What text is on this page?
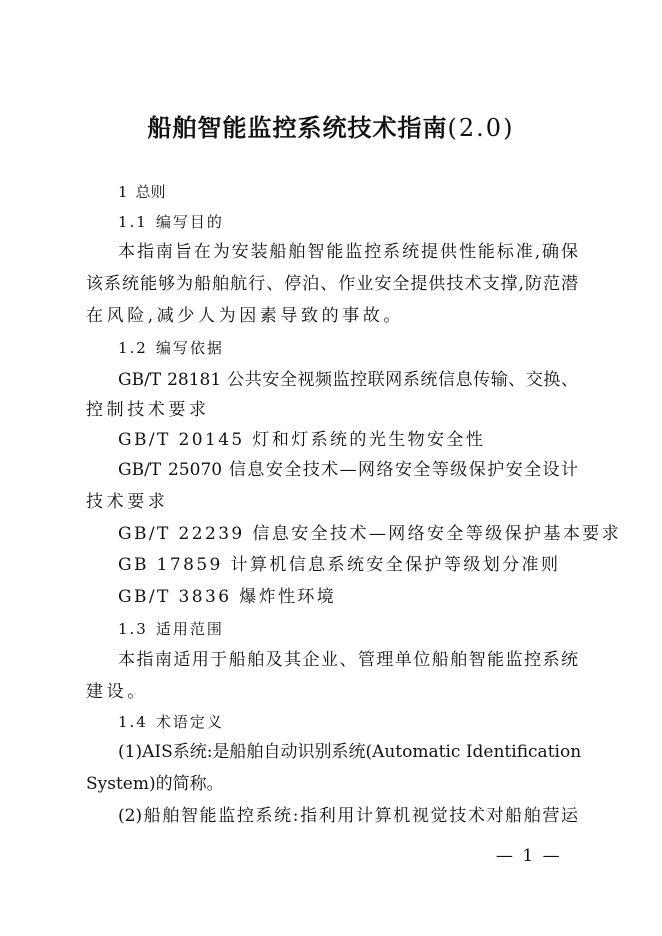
船舶智能监控系统技术指南(2.0)
1 总则
1.1 编写目的
本指南旨在为安装船舶智能监控系统提供性能标准,确保
该系统能够为船舶航行、停泊、作业安全提供技术支撑,防范潜
在风险,减少人为因素导致的事故。
1.2 编写依据
GB/T 28181 公共安全视频监控联网系统信息传输、交换、
控制技术要求
GB/T 20145 灯和灯系统的光生物安全性
GB/T 25070 信息安全技术—网络安全等级保护安全设计
技术要求
GB/T 22239 信息安全技术—网络安全等级保护基本要求
GB 17859 计算机信息系统安全保护等级划分准则
GB/T 3836 爆炸性环境
1.3 适用范围
本指南适用于船舶及其企业、管理单位船舶智能监控系统
建设。
1.4 术语定义
(1)AIS系统:是船舶自动识别系统(Automatic Identification
System)的简称。
(2)船舶智能监控系统:指利用计算机视觉技术对船舶营运
— 1 —
